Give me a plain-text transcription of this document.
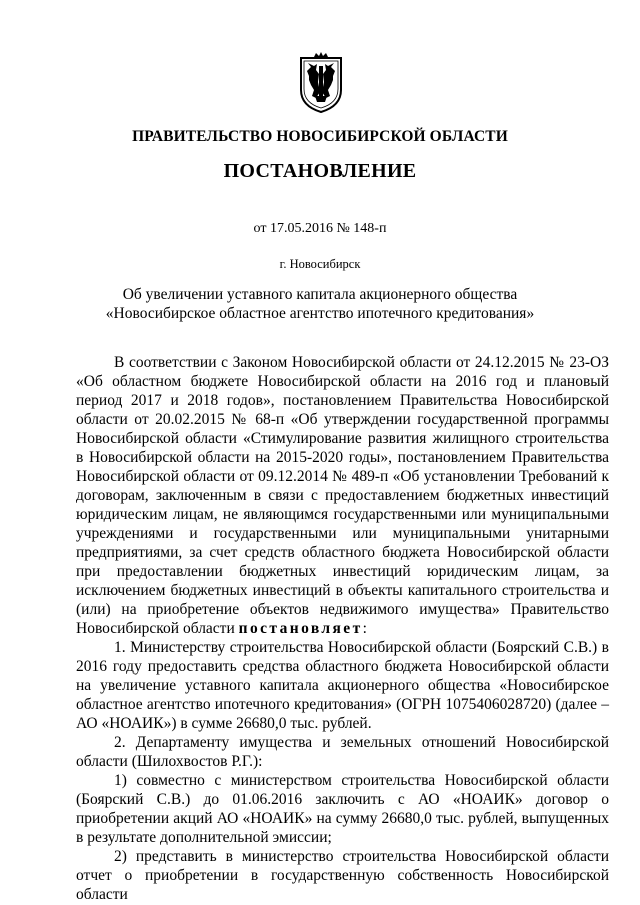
ПРАВИТЕЛЬСТВО НОВОСИБИРСКОЙ ОБЛАСТИ
ПОСТАНОВЛЕНИЕ
от 17.05.2016 № 148-п
г. Новосибирск
Об увеличении уставного капитала акционерного общества
«Новосибирское областное агентство ипотечного кредитования»

В соответствии с Законом Новосибирской области от 24.12.2015 № 23-ОЗ «Об областном бюджете Новосибирской области на 2016 год и плановый период 2017 и 2018 годов», постановлением Правительства Новосибирской области от 20.02.2015 № 68-п «Об утверждении государственной программы Новосибирской области «Стимулирование развития жилищного строительства в Новосибирской области на 2015-2020 годы», постановлением Правительства Новосибирской области от 09.12.2014 № 489-п «Об установлении Требований к договорам, заключенным в связи с предоставлением бюджетных инвестиций юридическим лицам, не являющимся государственными или муниципальными учреждениями и государственными или муниципальными унитарными предприятиями, за счет средств областного бюджета Новосибирской области при предоставлении бюджетных инвестиций юридическим лицам, за исключением бюджетных инвестиций в объекты капитального строительства и (или) на приобретение объектов недвижимого имущества» Правительство Новосибирской области постановляет:

1. Министерству строительства Новосибирской области (Боярский С.В.) в 2016 году предоставить средства областного бюджета Новосибирской области на увеличение уставного капитала акционерного общества «Новосибирское областное агентство ипотечного кредитования» (ОГРН 1075406028720) (далее – АО «НОАИК») в сумме 26680,0 тыс. рублей.

2. Департаменту имущества и земельных отношений Новосибирской области (Шилохвостов Р.Г.):

1) совместно с министерством строительства Новосибирской области (Боярский С.В.) до 01.06.2016 заключить с АО «НОАИК» договор о приобретении акций АО «НОАИК» на сумму 26680,0 тыс. рублей, выпущенных в результате дополнительной эмиссии;

2) представить в министерство строительства Новосибирской области отчет о приобретении в государственную собственность Новосибирской области
